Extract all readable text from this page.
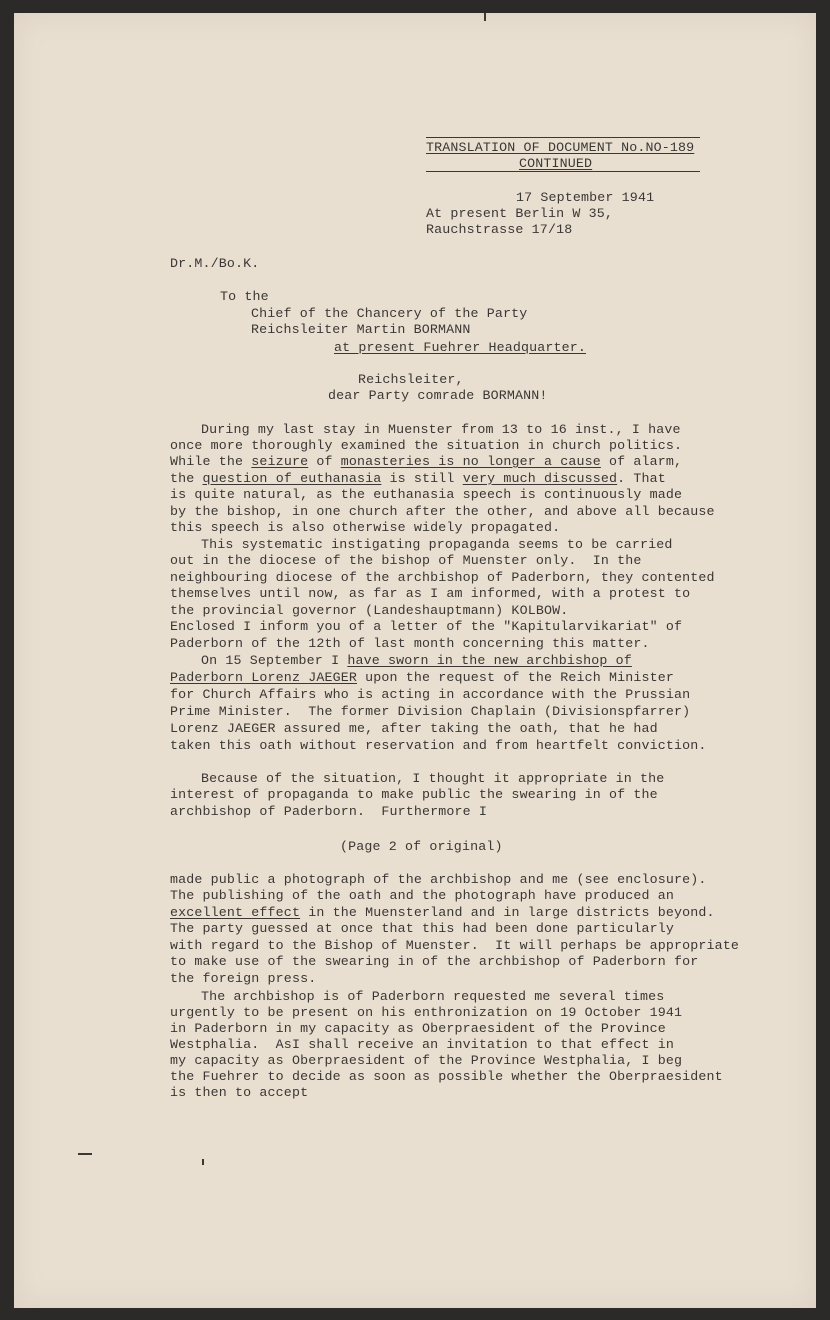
TRANSLATION OF DOCUMENT No.NO-189
CONTINUED
17 September 1941
At present Berlin W 35,
Rauchstrasse 17/18
Dr.M./Bo.K.
To the
Chief of the Chancery of the Party
Reichsleiter Martin BORMANN
at present Fuehrer Headquarter.
Reichsleiter,
dear Party comrade BORMANN!
During my last stay in Muenster from 13 to 16 inst., I have
once more thoroughly examined the situation in church politics.
While the seizure of monasteries is no longer a cause of alarm,
the question of euthanasia is still very much discussed. That
is quite natural, as the euthanasia speech is continuously made
by the bishop, in one church after the other, and above all because
this speech is also otherwise widely propagated.
This systematic instigating propaganda seems to be carried
out in the diocese of the bishop of Muenster only.  In the
neighbouring diocese of the archbishop of Paderborn, they contented
themselves until now, as far as I am informed, with a protest to
the provincial governor (Landeshauptmann) KOLBOW.
Enclosed I inform you of a letter of the "Kapitularvikariat" of
Paderborn of the 12th of last month concerning this matter.
On 15 September I have sworn in the new archbishop of
Paderborn Lorenz JAEGER upon the request of the Reich Minister
for Church Affairs who is acting in accordance with the Prussian
Prime Minister.  The former Division Chaplain (Divisionspfarrer)
Lorenz JAEGER assured me, after taking the oath, that he had
taken this oath without reservation and from heartfelt conviction.
Because of the situation, I thought it appropriate in the
interest of propaganda to make public the swearing in of the
archbishop of Paderborn.  Furthermore I
(Page 2 of original)
made public a photograph of the archbishop and me (see enclosure).
The publishing of the oath and the photograph have produced an
excellent effect in the Muensterland and in large districts beyond.
The party guessed at once that this had been done particularly
with regard to the Bishop of Muenster.  It will perhaps be appropriate
to make use of the swearing in of the archbishop of Paderborn for
the foreign press.
The archbishop is of Paderborn requested me several times
urgently to be present on his enthronization on 19 October 1941
in Paderborn in my capacity as Oberpraesident of the Province
Westphalia.  AsI shall receive an invitation to that effect in
my capacity as Oberpraesident of the Province Westphalia, I beg
the Fuehrer to decide as soon as possible whether the Oberpraesident
is then to accept
